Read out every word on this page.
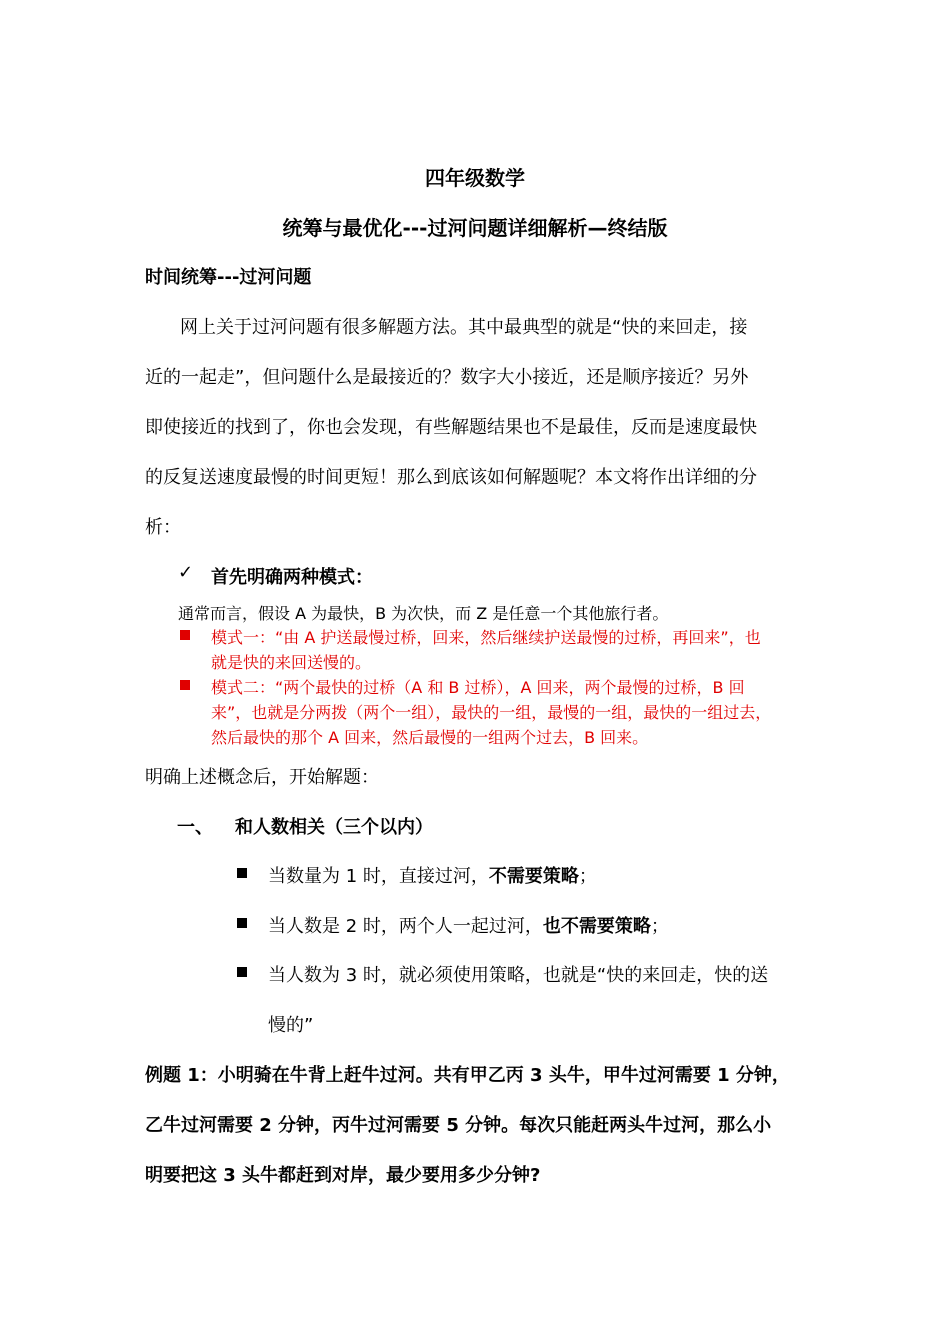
四年级数学
统筹与最优化---过河问题详细解析—终结版
时间统筹---过河问题
网上关于过河问题有很多解题方法。其中最典型的就是“快的来回走，接
近的一起走”，但问题什么是最接近的？数字大小接近，还是顺序接近？另外
即使接近的找到了，你也会发现，有些解题结果也不是最佳，反而是速度最快
的反复送速度最慢的时间更短！那么到底该如何解题呢？本文将作出详细的分
析：
✓ 首先明确两种模式：
通常而言，假设 A 为最快，B 为次快，而 Z 是任意一个其他旅行者。
模式一：“由 A 护送最慢过桥，回来，然后继续护送最慢的过桥，再回来”，也
就是快的来回送慢的。
模式二：“两个最快的过桥（A 和 B 过桥），A 回来，两个最慢的过桥，B 回
来”，也就是分两拨（两个一组），最快的一组，最慢的一组，最快的一组过去，
然后最快的那个 A 回来，然后最慢的一组两个过去，B 回来。
明确上述概念后，开始解题：
一、 和人数相关（三个以内）
当数量为 1 时，直接过河，不需要策略；
当人数是 2 时，两个人一起过河，也不需要策略；
当人数为 3 时，就必须使用策略，也就是“快的来回走，快的送
慢的”
例题 1：小明骑在牛背上赶牛过河。共有甲乙丙 3 头牛，甲牛过河需要 1 分钟，
乙牛过河需要 2 分钟，丙牛过河需要 5 分钟。每次只能赶两头牛过河，那么小
明要把这 3 头牛都赶到对岸，最少要用多少分钟?
